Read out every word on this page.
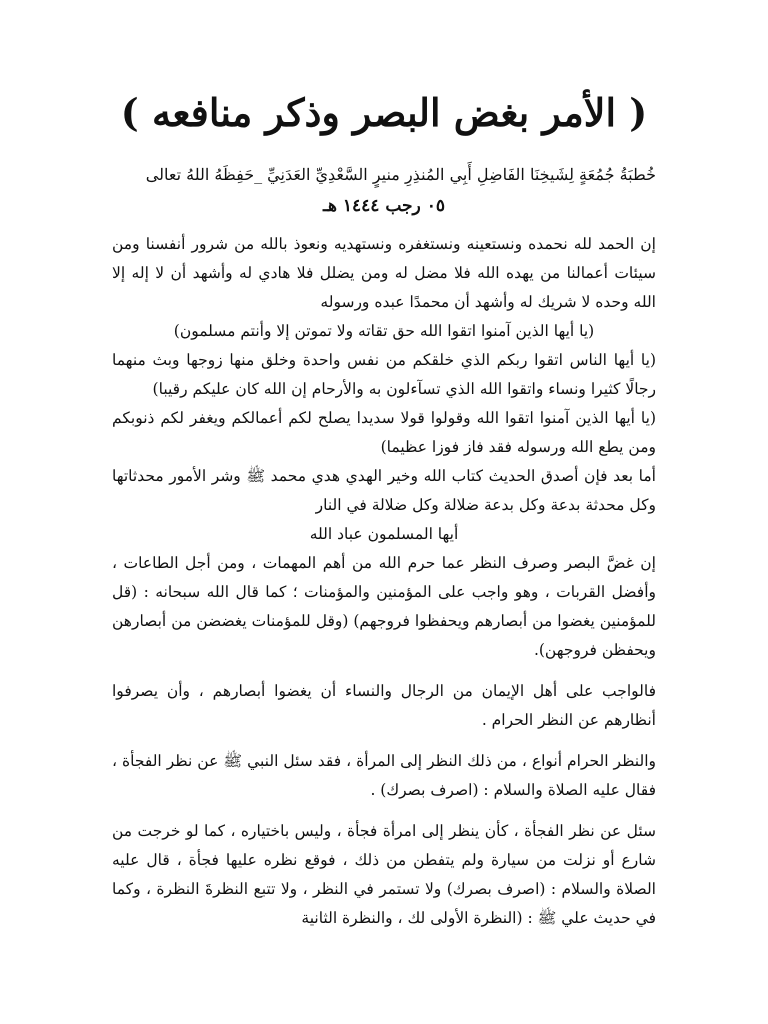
( الأمر بغض البصر وذكر منافعه )

خُطبَةُ جُمُعَةٍ لِشَيخِنَا الفَاضِلِ أَبِي المُنذِرِ منيرٍ السَّعْدِيِّ العَدَنِيِّ _حَفِظَهُ اللهُ تعالى

٠٥ رجب ١٤٤٤ هـ

إن الحمد لله نحمده ونستعينه ونستغفره ونستهديه ونعوذ بالله من شرور أنفسنا ومن سيئات أعمالنا من يهده الله فلا مضل له ومن يضلل فلا هادي له وأشهد أن لا إله إلا الله وحده لا شريك له وأشهد أن محمدًا عبده ورسوله

(يا أيها الذين آمنوا اتقوا الله حق تقاته ولا تموتن إلا وأنتم مسلمون)

(يا أيها الناس اتقوا ربكم الذي خلقكم من نفس واحدة وخلق منها زوجها وبث منهما رجالًا كثيرا ونساء واتقوا الله الذي تسآءلون به والأرحام إن الله كان عليكم رقيبا)

(يا أيها الذين آمنوا اتقوا الله وقولوا قولا سديدا يصلح لكم أعمالكم ويغفر لكم ذنوبكم ومن يطع الله ورسوله فقد فاز فوزا عظيما)

أما بعد فإن أصدق الحديث كتاب الله وخير الهدي هدي محمد ﷺ وشر الأمور محدثاتها وكل محدثة بدعة وكل بدعة ضلالة وكل ضلالة في النار

أيها المسلمون عباد الله

إن غضَّ البصر وصرف النظر عما حرم الله من أهم المهمات ، ومن أجل الطاعات ، وأفضل القربات ، وهو واجب على المؤمنين والمؤمنات ؛ كما قال الله سبحانه : (قل للمؤمنين يغضوا من أبصارهم ويحفظوا فروجهم) (وقل للمؤمنات يغضضن من أبصارهن ويحفظن فروجهن).

فالواجب على أهل الإيمان من الرجال والنساء أن يغضوا أبصارهم ، وأن يصرفوا أنظارهم عن النظر الحرام .

والنظر الحرام أنواع ، من ذلك النظر إلى المرأة ، فقد سئل النبي ﷺ عن نظر الفجأة ، فقال عليه الصلاة والسلام : (اصرف بصرك) .

سئل عن نظر الفجأة ، كأن ينظر إلى امرأة فجأة ، وليس باختياره ، كما لو خرجت من شارع أو نزلت من سيارة ولم يتفطن من ذلك ، فوقع نظره عليها فجأة ، قال عليه الصلاة والسلام : (اصرف بصرك) ولا تستمر في النظر ، ولا تتبع النظرةَ النظرة ، وكما في حديث علي ﷺ : (النظرة الأولى لك ، والنظرة الثانية
